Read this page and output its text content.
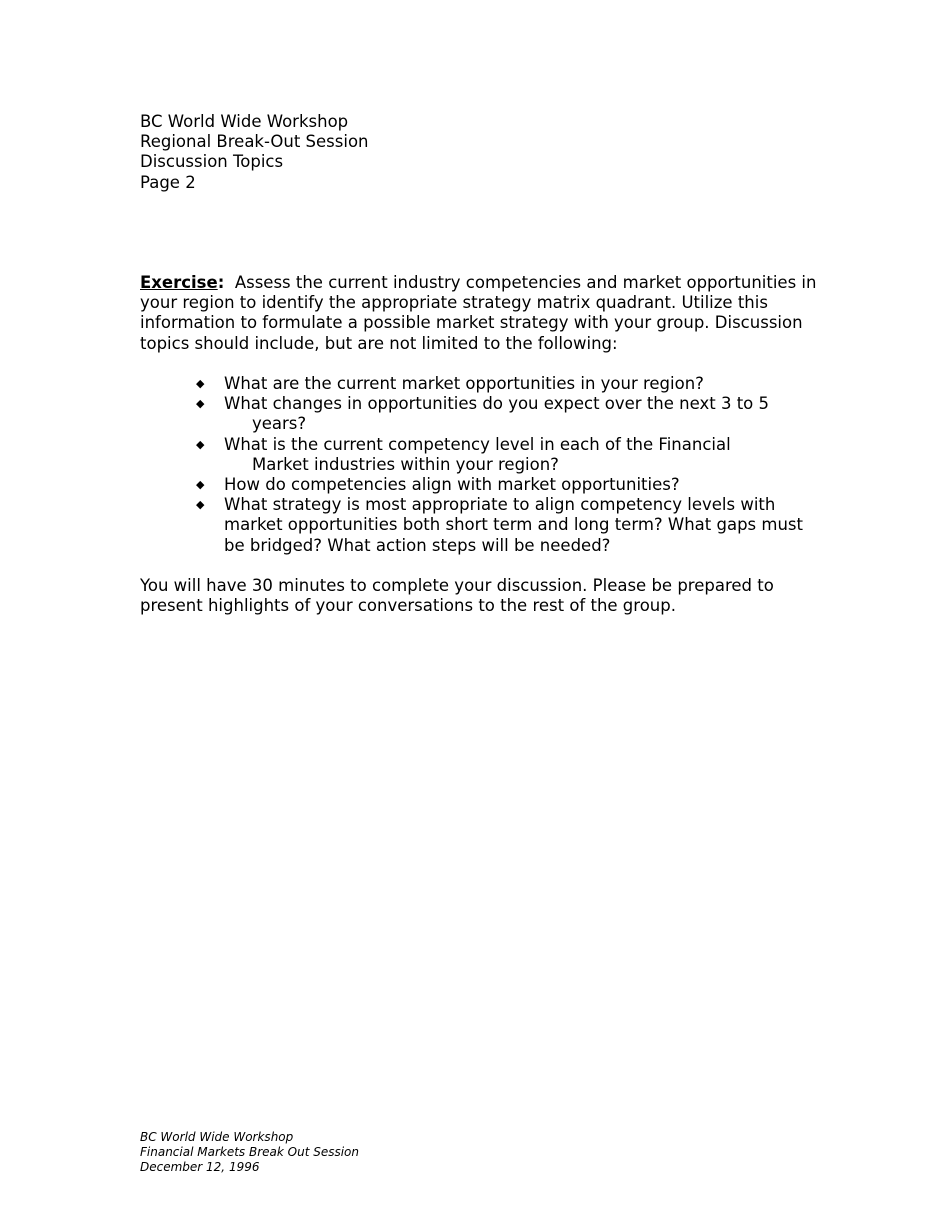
BC World Wide Workshop
Regional Break-Out Session
Discussion Topics
Page 2
Exercise: Assess the current industry competencies and market opportunities in your region to identify the appropriate strategy matrix quadrant. Utilize this information to formulate a possible market strategy with your group. Discussion topics should include, but are not limited to the following:
◆ What are the current market opportunities in your region?
◆ What changes in opportunities do you expect over the next 3 to 5
years?
◆ What is the current competency level in each of the Financial
Market industries within your region?
◆ How do competencies align with market opportunities?
◆ What strategy is most appropriate to align competency levels with market opportunities both short term and long term? What gaps must be bridged? What action steps will be needed?
You will have 30 minutes to complete your discussion. Please be prepared to present highlights of your conversations to the rest of the group.
BC World Wide Workshop
Financial Markets Break Out Session
December 12, 1996
